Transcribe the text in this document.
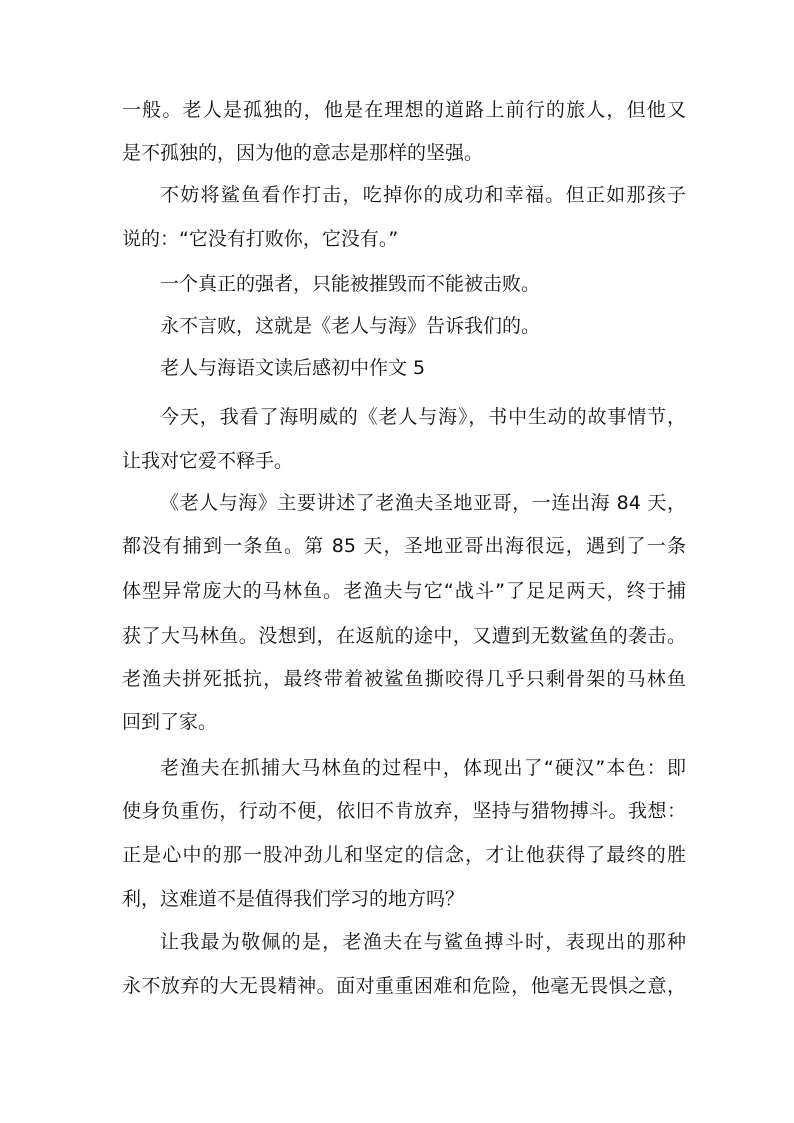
一般。老人是孤独的，他是在理想的道路上前行的旅人，但他又
是不孤独的，因为他的意志是那样的坚强。
不妨将鲨鱼看作打击，吃掉你的成功和幸福。但正如那孩子
说的：“它没有打败你，它没有。”
一个真正的强者，只能被摧毁而不能被击败。
永不言败，这就是《老人与海》告诉我们的。
老人与海语文读后感初中作文 5
今天，我看了海明威的《老人与海》，书中生动的故事情节，
让我对它爱不释手。
《老人与海》主要讲述了老渔夫圣地亚哥，一连出海 84 天，
都没有捕到一条鱼。第 85 天，圣地亚哥出海很远，遇到了一条
体型异常庞大的马林鱼。老渔夫与它“战斗”了足足两天，终于捕
获了大马林鱼。没想到，在返航的途中，又遭到无数鲨鱼的袭击。
老渔夫拼死抵抗，最终带着被鲨鱼撕咬得几乎只剩骨架的马林鱼
回到了家。
老渔夫在抓捕大马林鱼的过程中，体现出了“硬汉”本色：即
使身负重伤，行动不便，依旧不肯放弃，坚持与猎物搏斗。我想：
正是心中的那一股冲劲儿和坚定的信念，才让他获得了最终的胜
利，这难道不是值得我们学习的地方吗？
让我最为敬佩的是，老渔夫在与鲨鱼搏斗时，表现出的那种
永不放弃的大无畏精神。面对重重困难和危险，他毫无畏惧之意，
